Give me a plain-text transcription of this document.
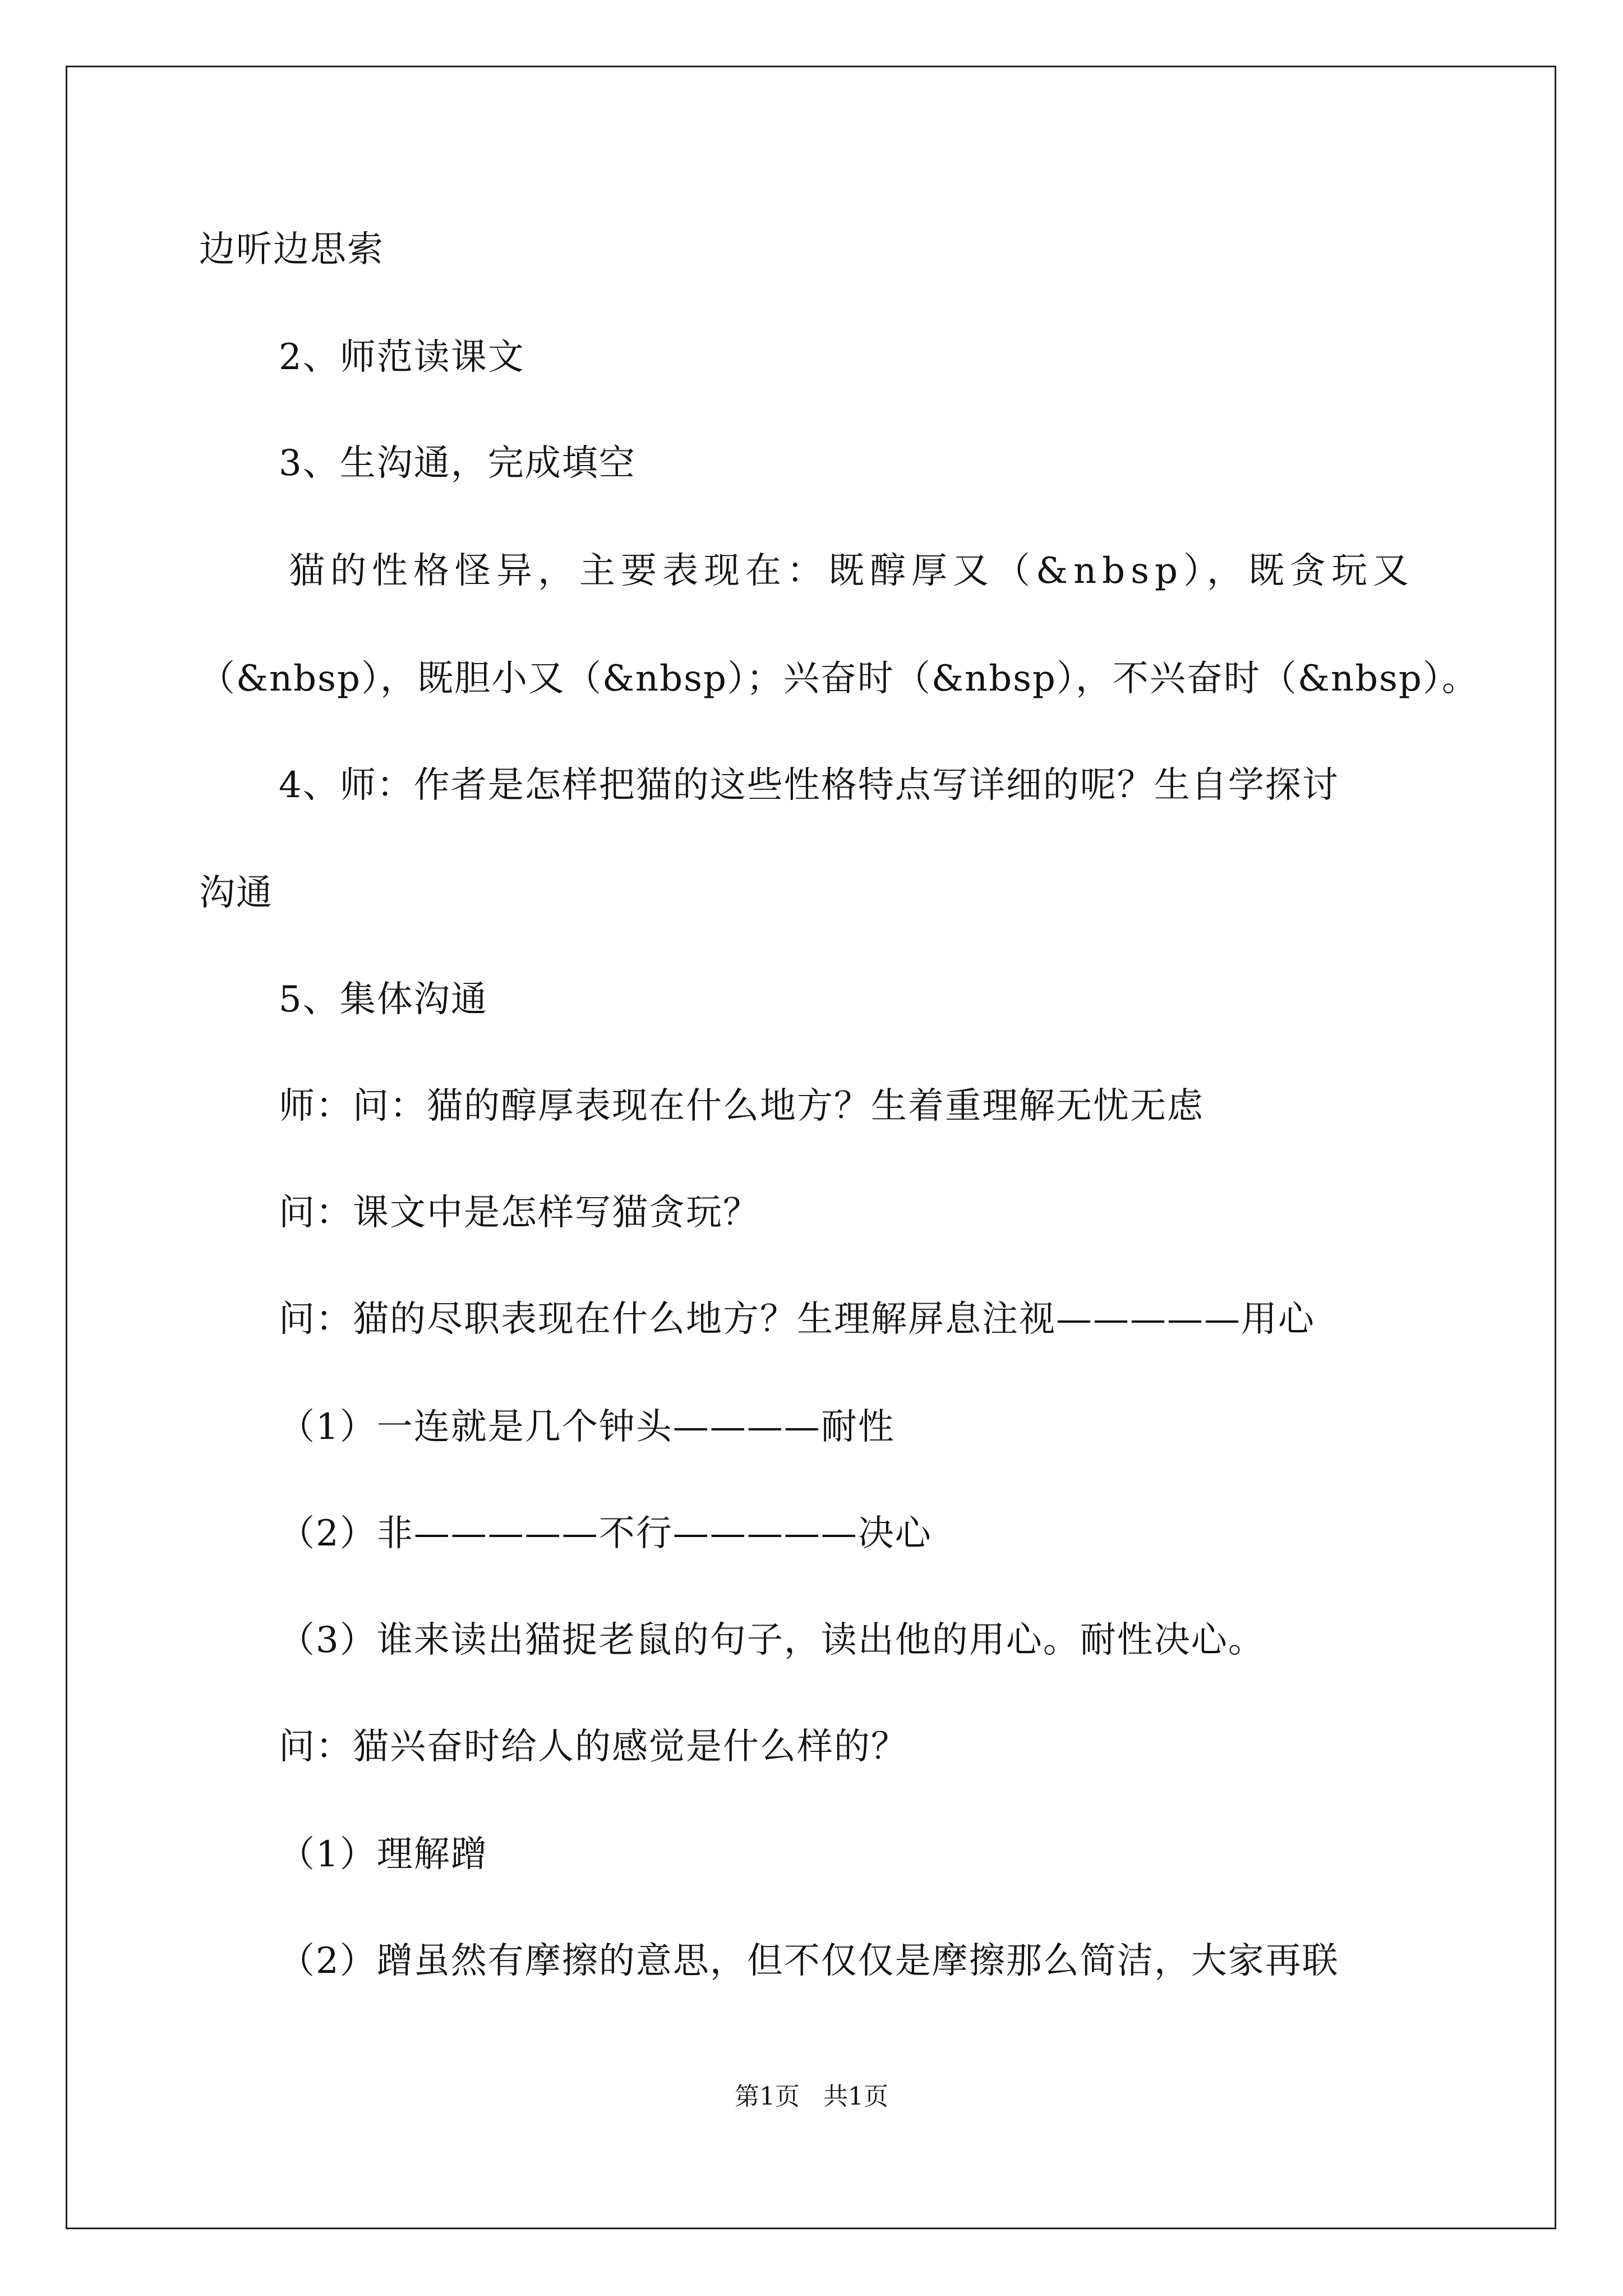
边听边思索
2、师范读课文
3、生沟通，完成填空
猫的性格怪异，主要表现在：既醇厚又（&nbsp），既贪玩又
（&nbsp），既胆小又（&nbsp）；兴奋时（&nbsp），不兴奋时（&nbsp）。
4、师：作者是怎样把猫的这些性格特点写详细的呢？生自学探讨
沟通
5、集体沟通
师：问：猫的醇厚表现在什么地方？生着重理解无忧无虑
问：课文中是怎样写猫贪玩？
问：猫的尽职表现在什么地方？生理解屏息注视—————用心
（1）一连就是几个钟头————耐性
（2）非—————不行—————决心
（3）谁来读出猫捉老鼠的句子，读出他的用心。耐性决心。
问：猫兴奋时给人的感觉是什么样的？
（1）理解蹭
（2）蹭虽然有摩擦的意思，但不仅仅是摩擦那么简洁，大家再联
第1页   共1页
